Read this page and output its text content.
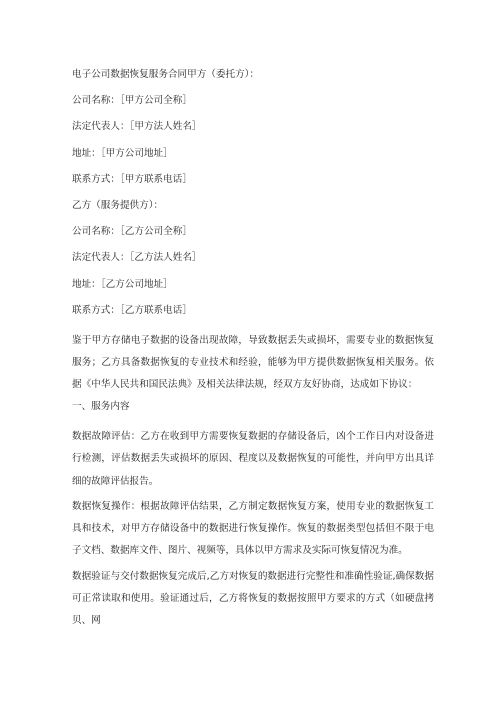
电子公司数据恢复服务合同甲方（委托方）：
公司名称：［甲方公司全称］
法定代表人：［甲方法人姓名］
地址：［甲方公司地址］
联系方式：［甲方联系电话］
乙方（服务提供方）：
公司名称：［乙方公司全称］
法定代表人：［乙方法人姓名］
地址：［乙方公司地址］
联系方式：［乙方联系电话］

鉴于甲方存储电子数据的设备出现故障，导致数据丢失或损坏，需要专业的数据恢复服务；乙方具备数据恢复的专业技术和经验，能够为甲方提供数据恢复相关服务。依据《中华人民共和国民法典》及相关法律法规，经双方友好协商，达成如下协议：

一、服务内容

数据故障评估：乙方在收到甲方需要恢复数据的存储设备后，凶个工作日内对设备进行检测，评估数据丢失或损坏的原因、程度以及数据恢复的可能性，并向甲方出具详细的故障评估报告。

数据恢复操作：根据故障评估结果，乙方制定数据恢复方案，使用专业的数据恢复工具和技术，对甲方存储设备中的数据进行恢复操作。恢复的数据类型包括但不限于电子文档、数据库文件、图片、视频等，具体以甲方需求及实际可恢复情况为准。

数据验证与交付数据恢复完成后,乙方对恢复的数据进行完整性和准确性验证,确保数据可正常读取和使用。验证通过后，乙方将恢复的数据按照甲方要求的方式（如硬盘拷贝、网
